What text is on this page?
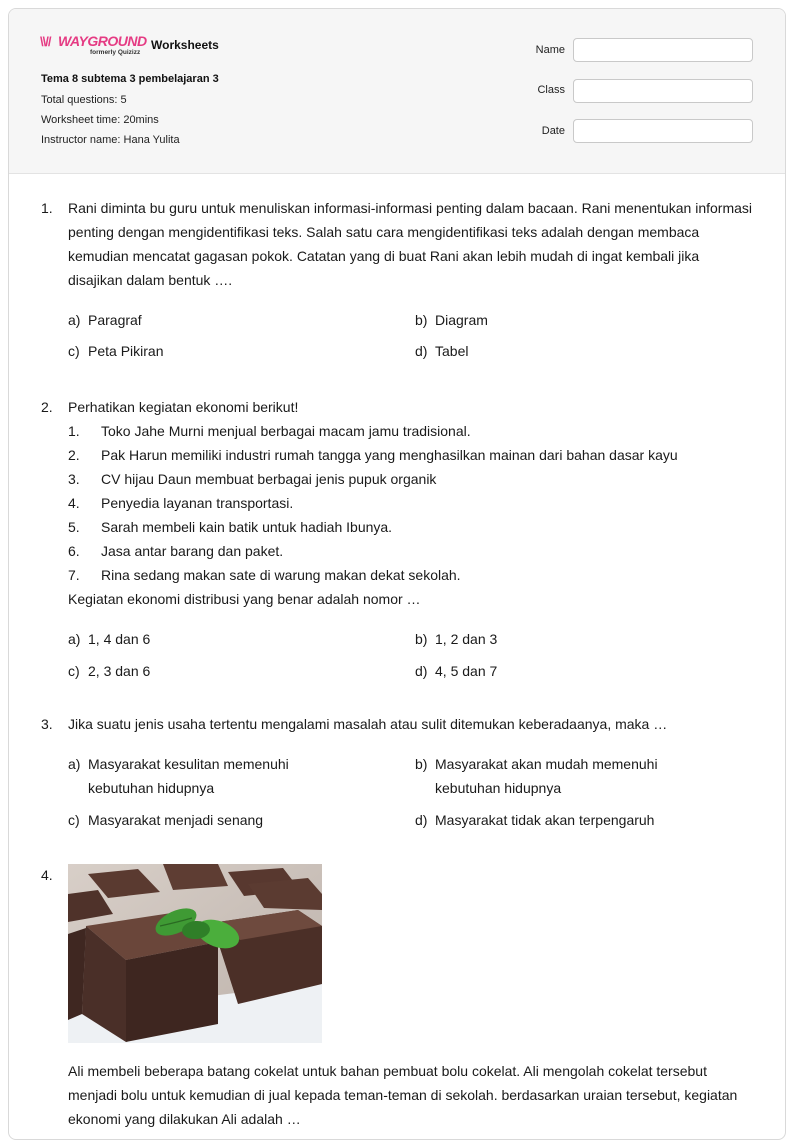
\\// WAYGROUND
formerly Quizizz
Worksheets
Tema 8 subtema 3 pembelajaran 3
Total questions: 5
Worksheet time: 20mins
Instructor name: Hana Yulita
Name
Class
Date
1. Rani diminta bu guru untuk menuliskan informasi-informasi penting dalam bacaan. Rani menentukan informasi penting dengan mengidentifikasi teks. Salah satu cara mengidentifikasi teks adalah dengan membaca kemudian mencatat gagasan pokok. Catatan yang di buat Rani akan lebih mudah di ingat kembali jika disajikan dalam bentuk ….
a) Paragraf	b) Diagram
c) Peta Pikiran	d) Tabel
2. Perhatikan kegiatan ekonomi berikut!
1. Toko Jahe Murni menjual berbagai macam jamu tradisional.
2. Pak Harun memiliki industri rumah tangga yang menghasilkan mainan dari bahan dasar kayu
3. CV hijau Daun membuat berbagai jenis pupuk organik
4. Penyedia layanan transportasi.
5. Sarah membeli kain batik untuk hadiah Ibunya.
6. Jasa antar barang dan paket.
7. Rina sedang makan sate di warung makan dekat sekolah.
Kegiatan ekonomi distribusi yang benar adalah nomor …
a) 1, 4 dan 6	b) 1, 2 dan 3
c) 2, 3 dan 6	d) 4, 5 dan 7
3. Jika suatu jenis usaha tertentu mengalami masalah atau sulit ditemukan keberadaanya, maka …
a) Masyarakat kesulitan memenuhi kebutuhan hidupnya
b) Masyarakat akan mudah memenuhi kebutuhan hidupnya
c) Masyarakat menjadi senang	d) Masyarakat tidak akan terpengaruh
4.
Ali membeli beberapa batang cokelat untuk bahan pembuat bolu cokelat. Ali mengolah cokelat tersebut menjadi bolu untuk kemudian di jual kepada teman-teman di sekolah. berdasarkan uraian tersebut, kegiatan ekonomi yang dilakukan Ali adalah …
